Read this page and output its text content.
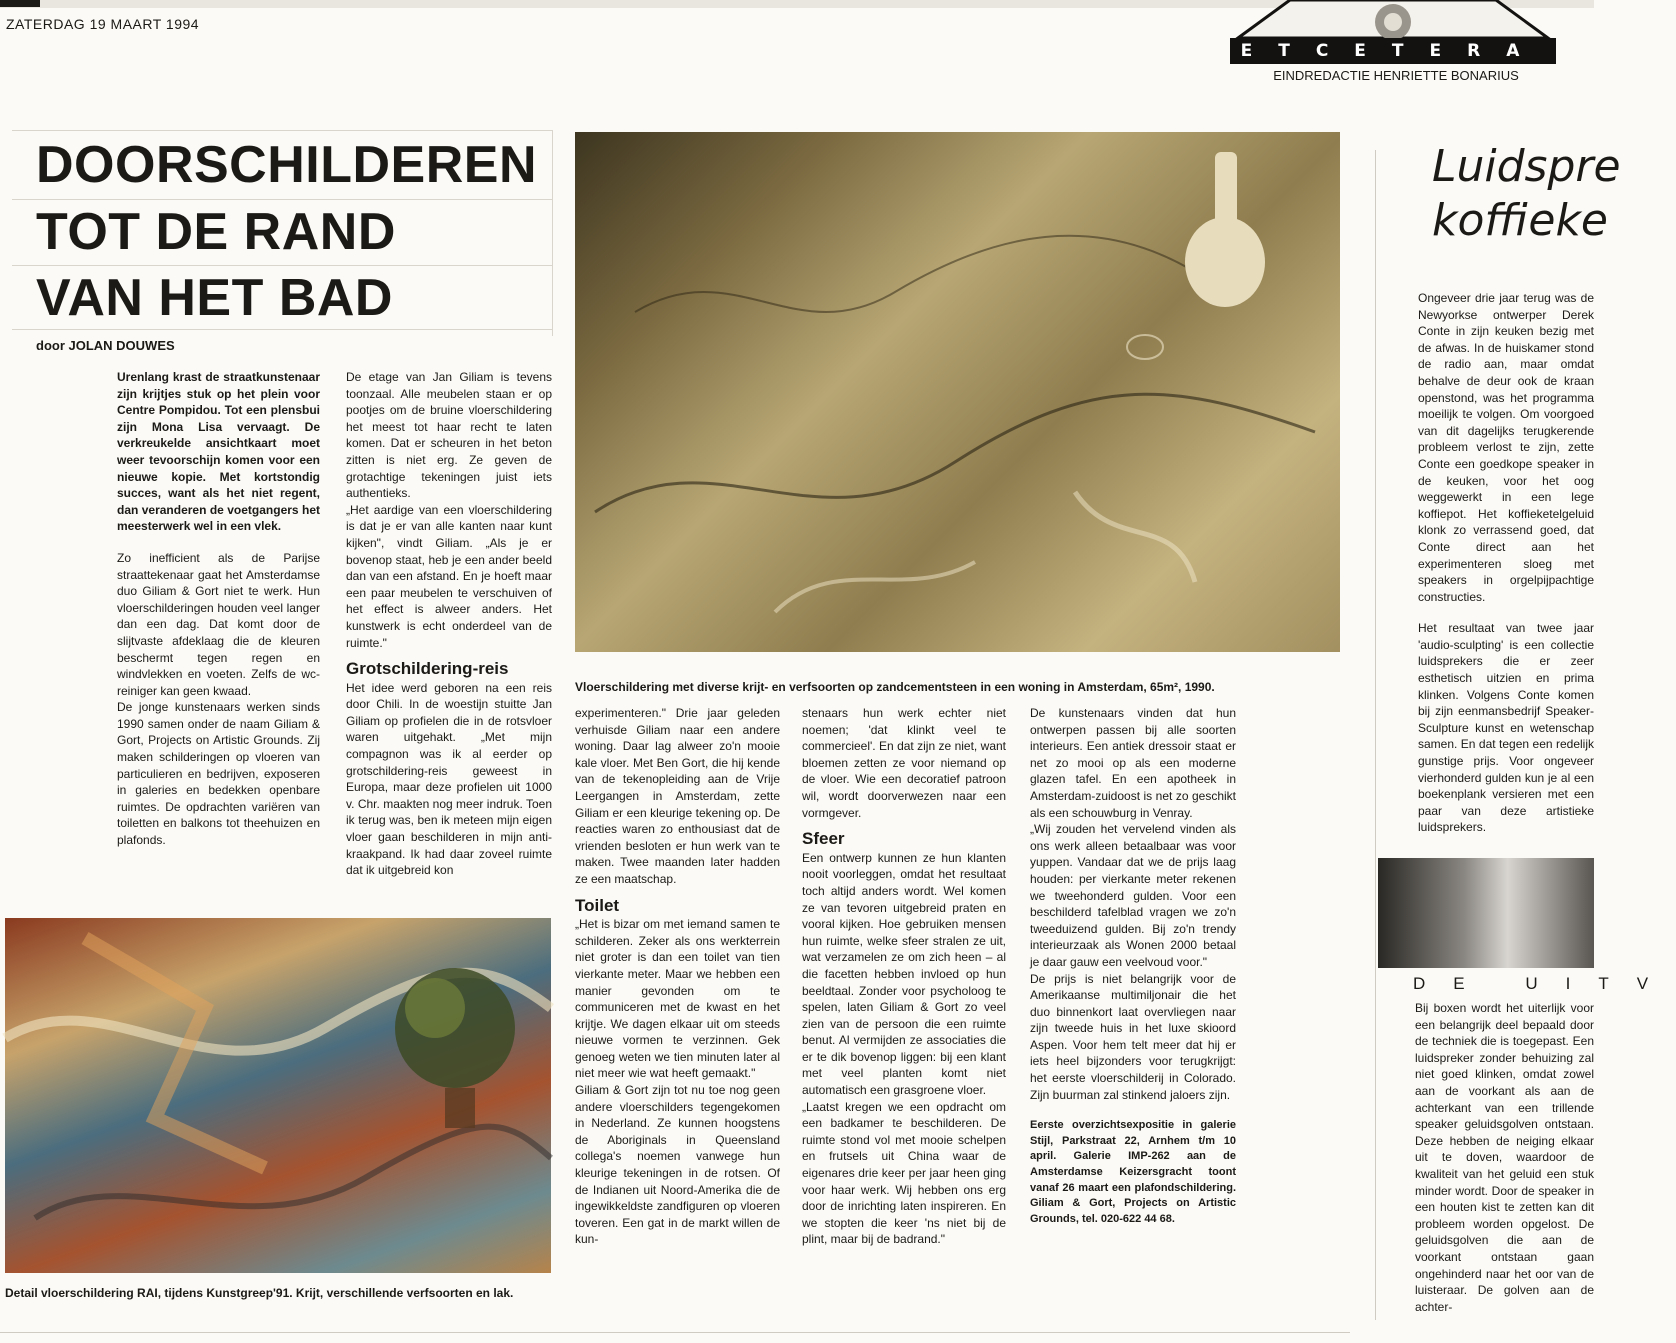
ZATERDAG 19 MAART 1994
ETCETERA
EINDREDACTIE HENRIETTE BONARIUS
DOORSCHILDEREN
TOT DE RAND
VAN HET BAD
door JOLAN DOUWES

Urenlang krast de straatkunstenaar zijn krijtjes stuk op het plein voor Centre Pompidou. Tot een plensbui zijn Mona Lisa vervaagt. De verkreukelde ansichtkaart moet weer tevoorschijn komen voor een nieuwe kopie. Met kortstondig succes, want als het niet regent, dan veranderen de voetgangers het meesterwerk wel in een vlek.

Zo inefficient als de Parijse straattekenaar gaat het Amsterdamse duo Giliam & Gort niet te werk. Hun vloerschilderingen houden veel langer dan een dag. Dat komt door de slijtvaste afdeklaag die de kleuren beschermt tegen regen en windvlekken en voeten. Zelfs de wc-reiniger kan geen kwaad.

De jonge kunstenaars werken sinds 1990 samen onder de naam Giliam & Gort, Projects on Artistic Grounds. Zij maken schilderingen op vloeren van particulieren en bedrijven, exposeren in galeries en bedekken openbare ruimtes. De opdrachten variëren van toiletten en balkons tot theehuizen en plafonds.

De etage van Jan Giliam is tevens toonzaal. Alle meubelen staan er op pootjes om de bruine vloerschildering het meest tot haar recht te laten komen. Dat er scheuren in het beton zitten is niet erg. Ze geven de grotachtige tekeningen juist iets authentieks.

„Het aardige van een vloerschildering is dat je er van alle kanten naar kunt kijken", vindt Giliam. „Als je er bovenop staat, heb je een ander beeld dan van een afstand. En je hoeft maar een paar meubelen te verschuiven of het effect is alweer anders. Het kunstwerk is echt onderdeel van de ruimte."

Grotschildering-reis

Het idee werd geboren na een reis door Chili. In de woestijn stuitte Jan Giliam op profielen die in de rotsvloer waren uitgehakt. „Met mijn compagnon was ik al eerder op grotschildering-reis geweest in Europa, maar deze profielen uit 1000 v. Chr. maakten nog meer indruk. Toen ik terug was, ben ik meteen mijn eigen vloer gaan beschilderen in mijn anti-kraakpand. Ik had daar zoveel ruimte dat ik uitgebreid kon

Vloerschildering met diverse krijt- en verfsoorten op zandcementsteen in een woning in Amsterdam, 65m², 1990.

experimenteren." Drie jaar geleden verhuisde Giliam naar een andere woning. Daar lag alweer zo'n mooie kale vloer. Met Ben Gort, die hij kende van de tekenopleiding aan de Vrije Leergangen in Amsterdam, zette Giliam er een kleurige tekening op. De reacties waren zo enthousiast dat de vrienden besloten er hun werk van te maken. Twee maanden later hadden ze een maatschap.

Toilet

„Het is bizar om met iemand samen te schilderen. Zeker als ons werkterrein niet groter is dan een toilet van tien vierkante meter. Maar we hebben een manier gevonden om te communiceren met de kwast en het krijtje. We dagen elkaar uit om steeds nieuwe vormen te verzinnen. Gek genoeg weten we tien minuten later al niet meer wie wat heeft gemaakt."

Giliam & Gort zijn tot nu toe nog geen andere vloerschilders tegengekomen in Nederland. Ze kunnen hoogstens de Aboriginals in Queensland collega's noemen vanwege hun kleurige tekeningen in de rotsen. Of de Indianen uit Noord-Amerika die de ingewikkeldste zandfiguren op vloeren toveren. Een gat in de markt willen de kun-

stenaars hun werk echter niet noemen; 'dat klinkt veel te commercieel'. En dat zijn ze niet, want bloemen zetten ze voor niemand op de vloer. Wie een decoratief patroon wil, wordt doorverwezen naar een vormgever.

Sfeer

Een ontwerp kunnen ze hun klanten nooit voorleggen, omdat het resultaat toch altijd anders wordt. Wel komen ze van tevoren uitgebreid praten en vooral kijken. Hoe gebruiken mensen hun ruimte, welke sfeer stralen ze uit, wat verzamelen ze om zich heen – al die facetten hebben invloed op hun beeldtaal. Zonder voor psycholoog te spelen, laten Giliam & Gort zo veel zien van de persoon die een ruimte benut. Al vermijden ze associaties die er te dik bovenop liggen: bij een klant met veel planten komt niet automatisch een grasgroene vloer.

„Laatst kregen we een opdracht om een badkamer te beschilderen. De ruimte stond vol met mooie schelpen en frutsels uit China waar de eigenares drie keer per jaar heen ging voor haar werk. Wij hebben ons erg door de inrichting laten inspireren. En we stopten die keer 'ns niet bij de plint, maar bij de badrand."

De kunstenaars vinden dat hun ontwerpen passen bij alle soorten interieurs. Een antiek dressoir staat er net zo mooi op als een moderne glazen tafel. En een apotheek in Amsterdam-zuidoost is net zo geschikt als een schouwburg in Venray.

„Wij zouden het vervelend vinden als ons werk alleen betaalbaar was voor yuppen. Vandaar dat we de prijs laag houden: per vierkante meter rekenen we tweehonderd gulden. Voor een beschilderd tafelblad vragen we zo'n tweeduizend gulden. Bij zo'n trendy interieurzaak als Wonen 2000 betaal je daar gauw een veelvoud voor."

De prijs is niet belangrijk voor de Amerikaanse multimiljonair die het duo binnenkort laat overvliegen naar zijn tweede huis in het luxe skioord Aspen. Voor hem telt meer dat hij er iets heel bijzonders voor terugkrijgt: het eerste vloerschilderij in Colorado. Zijn buurman zal stinkend jaloers zijn.

Eerste overzichtsexpositie in galerie Stijl, Parkstraat 22, Arnhem t/m 10 april. Galerie IMP-262 aan de Amsterdamse Keizersgracht toont vanaf 26 maart een plafondschildering. Giliam & Gort, Projects on Artistic Grounds, tel. 020-622 44 68.

Detail vloerschildering RAI, tijdens Kunstgreep'91. Krijt, verschillende verfsoorten en lak.
Luidspre
koffieke

Ongeveer drie jaar terug was de Newyorkse ontwerper Derek Conte in zijn keuken bezig met de afwas. In de huiskamer stond de radio aan, maar omdat behalve de deur ook de kraan openstond, was het programma moeilijk te volgen. Om voorgoed van dit dagelijks terugkerende probleem verlost te zijn, zette Conte een goedkope speaker in de keuken, voor het oog weggewerkt in een lege koffiepot. Het koffieketelgeluid klonk zo verrassend goed, dat Conte direct aan het experimenteren sloeg met speakers in orgelpijpachtige constructies.

Het resultaat van twee jaar 'audio-sculpting' is een collectie luidsprekers die er zeer esthetisch uitzien en prima klinken. Volgens Conte komen bij zijn eenmansbedrijf Speaker-Sculpture kunst en wetenschap samen. En dat tegen een redelijk gunstige prijs. Voor ongeveer vierhonderd gulden kun je al een boekenplank versieren met een paar van deze artistieke luidsprekers.

DE UITV

Bij boxen wordt het uiterlijk voor een belangrijk deel bepaald door de techniek die is toegepast. Een luidspreker zonder behuizing zal niet goed klinken, omdat zowel aan de voorkant als aan de achterkant van een trillende speaker geluidsgolven ontstaan. Deze hebben de neiging elkaar uit te doven, waardoor de kwaliteit van het geluid een stuk minder wordt. Door de speaker in een houten kist te zetten kan dit probleem worden opgelost. De geluidsgolven die aan de voorkant ontstaan gaan ongehinderd naar het oor van de luisteraar. De golven aan de achter-
